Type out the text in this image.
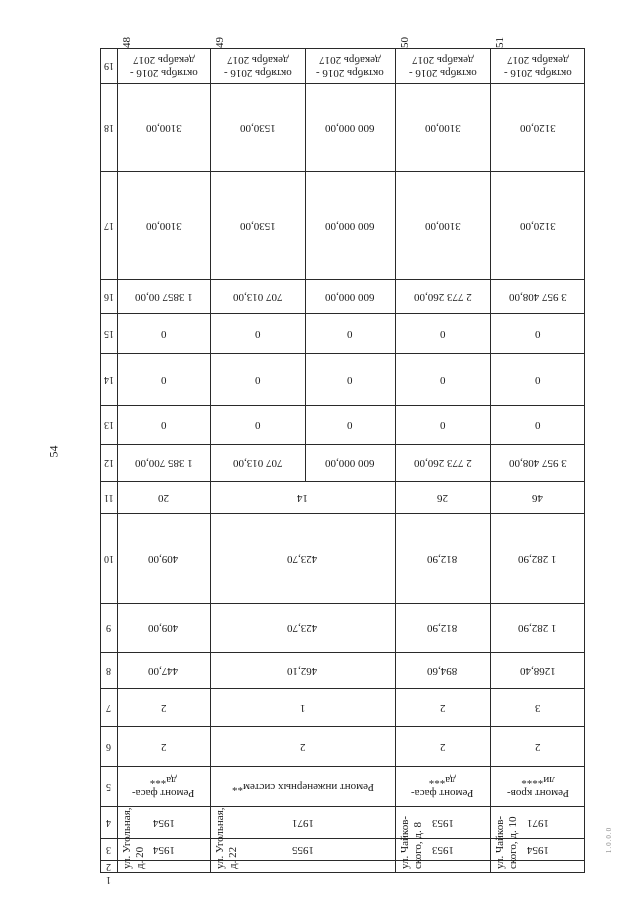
54
1.0.0.0
1
2
3
4
5
6
7
8
9
10
11
12
13
14
15
16
17
18
19
1954
1954
Ремонт фаса-
да***
2
2
447,00
409,00
409,00
20
1955
1971
Ремонт инженерных систем**
2
1
462,10
423,70
423,70
14
1953
1953
Ремонт фаса-
да***
2
2
894,60
812,90
812,90
26
1954
1971
Ремонт кров-
ли****
2
3
1268,40
1 282,90
1 282,90
46
1 385 700,00
0
0
0
1 3857 00,00
3100,00
3100,00
октябрь 2016 -
декабрь 2017
707 013,00
0
0
0
707 013,00
1530,00
1530,00
октябрь 2016 -
декабрь 2017
600 000,00
0
0
0
600 000,00
600 000,00
600 000,00
октябрь 2016 -
декабрь 2017
2 773 260,00
0
0
0
2 773 260,00
3100,00
3100,00
октябрь 2016 -
декабрь 2017
3 957 408,00
0
0
0
3 957 408,00
3120,00
3120,00
октябрь 2016 -
декабрь 2017
ул. Угольная,
д. 20
48
ул. Угольная,
д. 22
49
ул. Чайков-
ского, д. 8
50
ул. Чайков-
ского, д. 10
51
